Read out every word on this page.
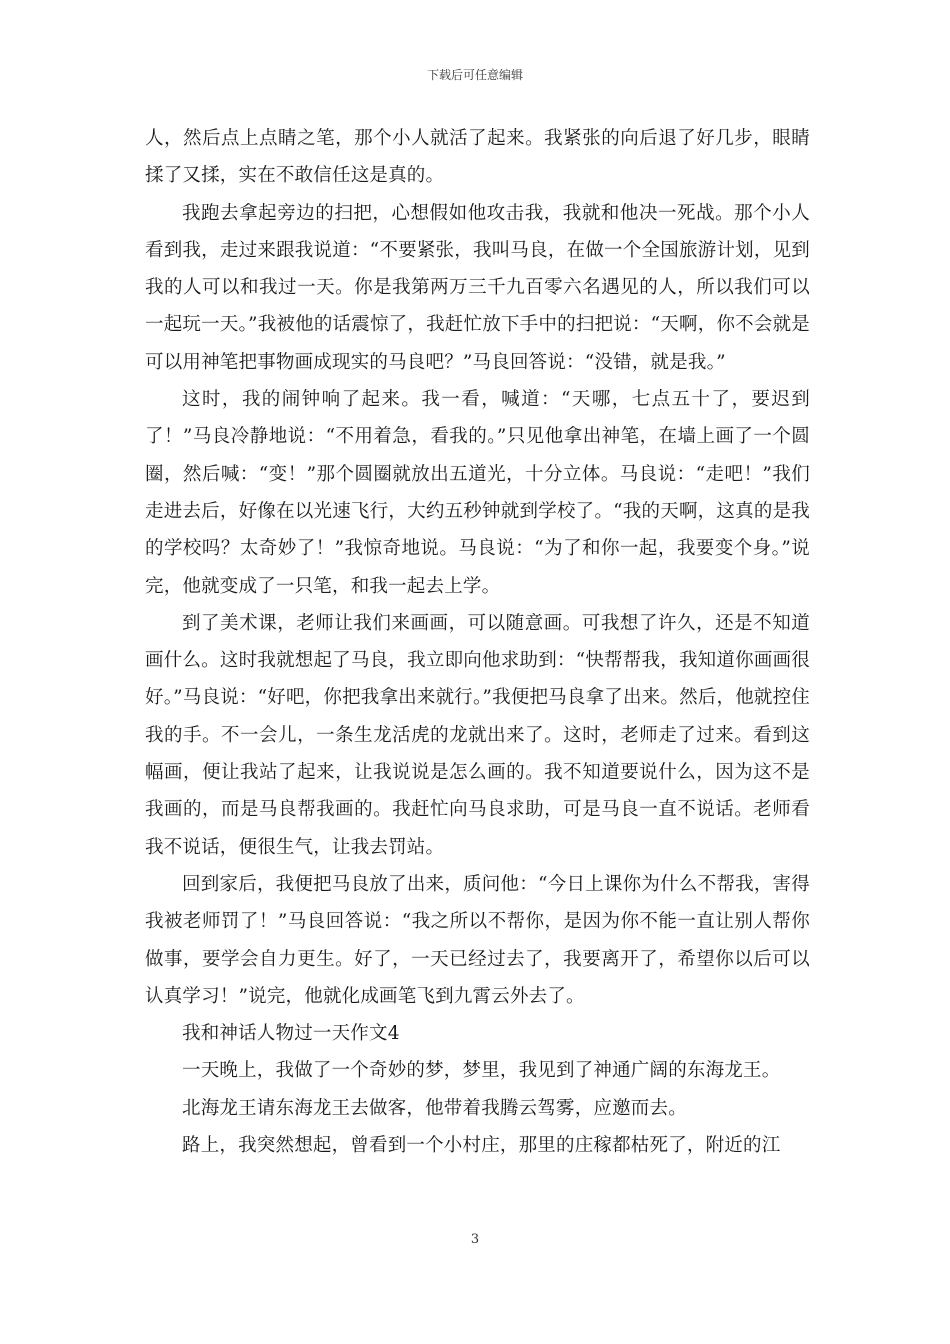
下载后可任意编辑

人，然后点上点睛之笔，那个小人就活了起来。我紧张的向后退了好几步，眼睛揉了又揉，实在不敢信任这是真的。

我跑去拿起旁边的扫把，心想假如他攻击我，我就和他决一死战。那个小人看到我，走过来跟我说道：“不要紧张，我叫马良，在做一个全国旅游计划，见到我的人可以和我过一天。你是我第两万三千九百零六名遇见的人，所以我们可以一起玩一天。”我被他的话震惊了，我赶忙放下手中的扫把说：“天啊，你不会就是可以用神笔把事物画成现实的马良吧？”马良回答说：“没错，就是我。”

这时，我的闹钟响了起来。我一看，喊道：“天哪，七点五十了，要迟到了！”马良冷静地说：“不用着急，看我的。”只见他拿出神笔，在墙上画了一个圆圈，然后喊：“变！”那个圆圈就放出五道光，十分立体。马良说：“走吧！”我们走进去后，好像在以光速飞行，大约五秒钟就到学校了。“我的天啊，这真的是我的学校吗？太奇妙了！”我惊奇地说。马良说：“为了和你一起，我要变个身。”说完，他就变成了一只笔，和我一起去上学。

到了美术课，老师让我们来画画，可以随意画。可我想了许久，还是不知道画什么。这时我就想起了马良，我立即向他求助到：“快帮帮我，我知道你画画很好。”马良说：“好吧，你把我拿出来就行。”我便把马良拿了出来。然后，他就控住我的手。不一会儿，一条生龙活虎的龙就出来了。这时，老师走了过来。看到这幅画，便让我站了起来，让我说说是怎么画的。我不知道要说什么，因为这不是我画的，而是马良帮我画的。我赶忙向马良求助，可是马良一直不说话。老师看我不说话，便很生气，让我去罚站。

回到家后，我便把马良放了出来，质问他：“今日上课你为什么不帮我，害得我被老师罚了！”马良回答说：“我之所以不帮你，是因为你不能一直让别人帮你做事，要学会自力更生。好了，一天已经过去了，我要离开了，希望你以后可以认真学习！”说完，他就化成画笔飞到九霄云外去了。

我和神话人物过一天作文4

一天晚上，我做了一个奇妙的梦，梦里，我见到了神通广阔的东海龙王。

北海龙王请东海龙王去做客，他带着我腾云驾雾，应邀而去。

路上，我突然想起，曾看到一个小村庄，那里的庄稼都枯死了，附近的江

3
